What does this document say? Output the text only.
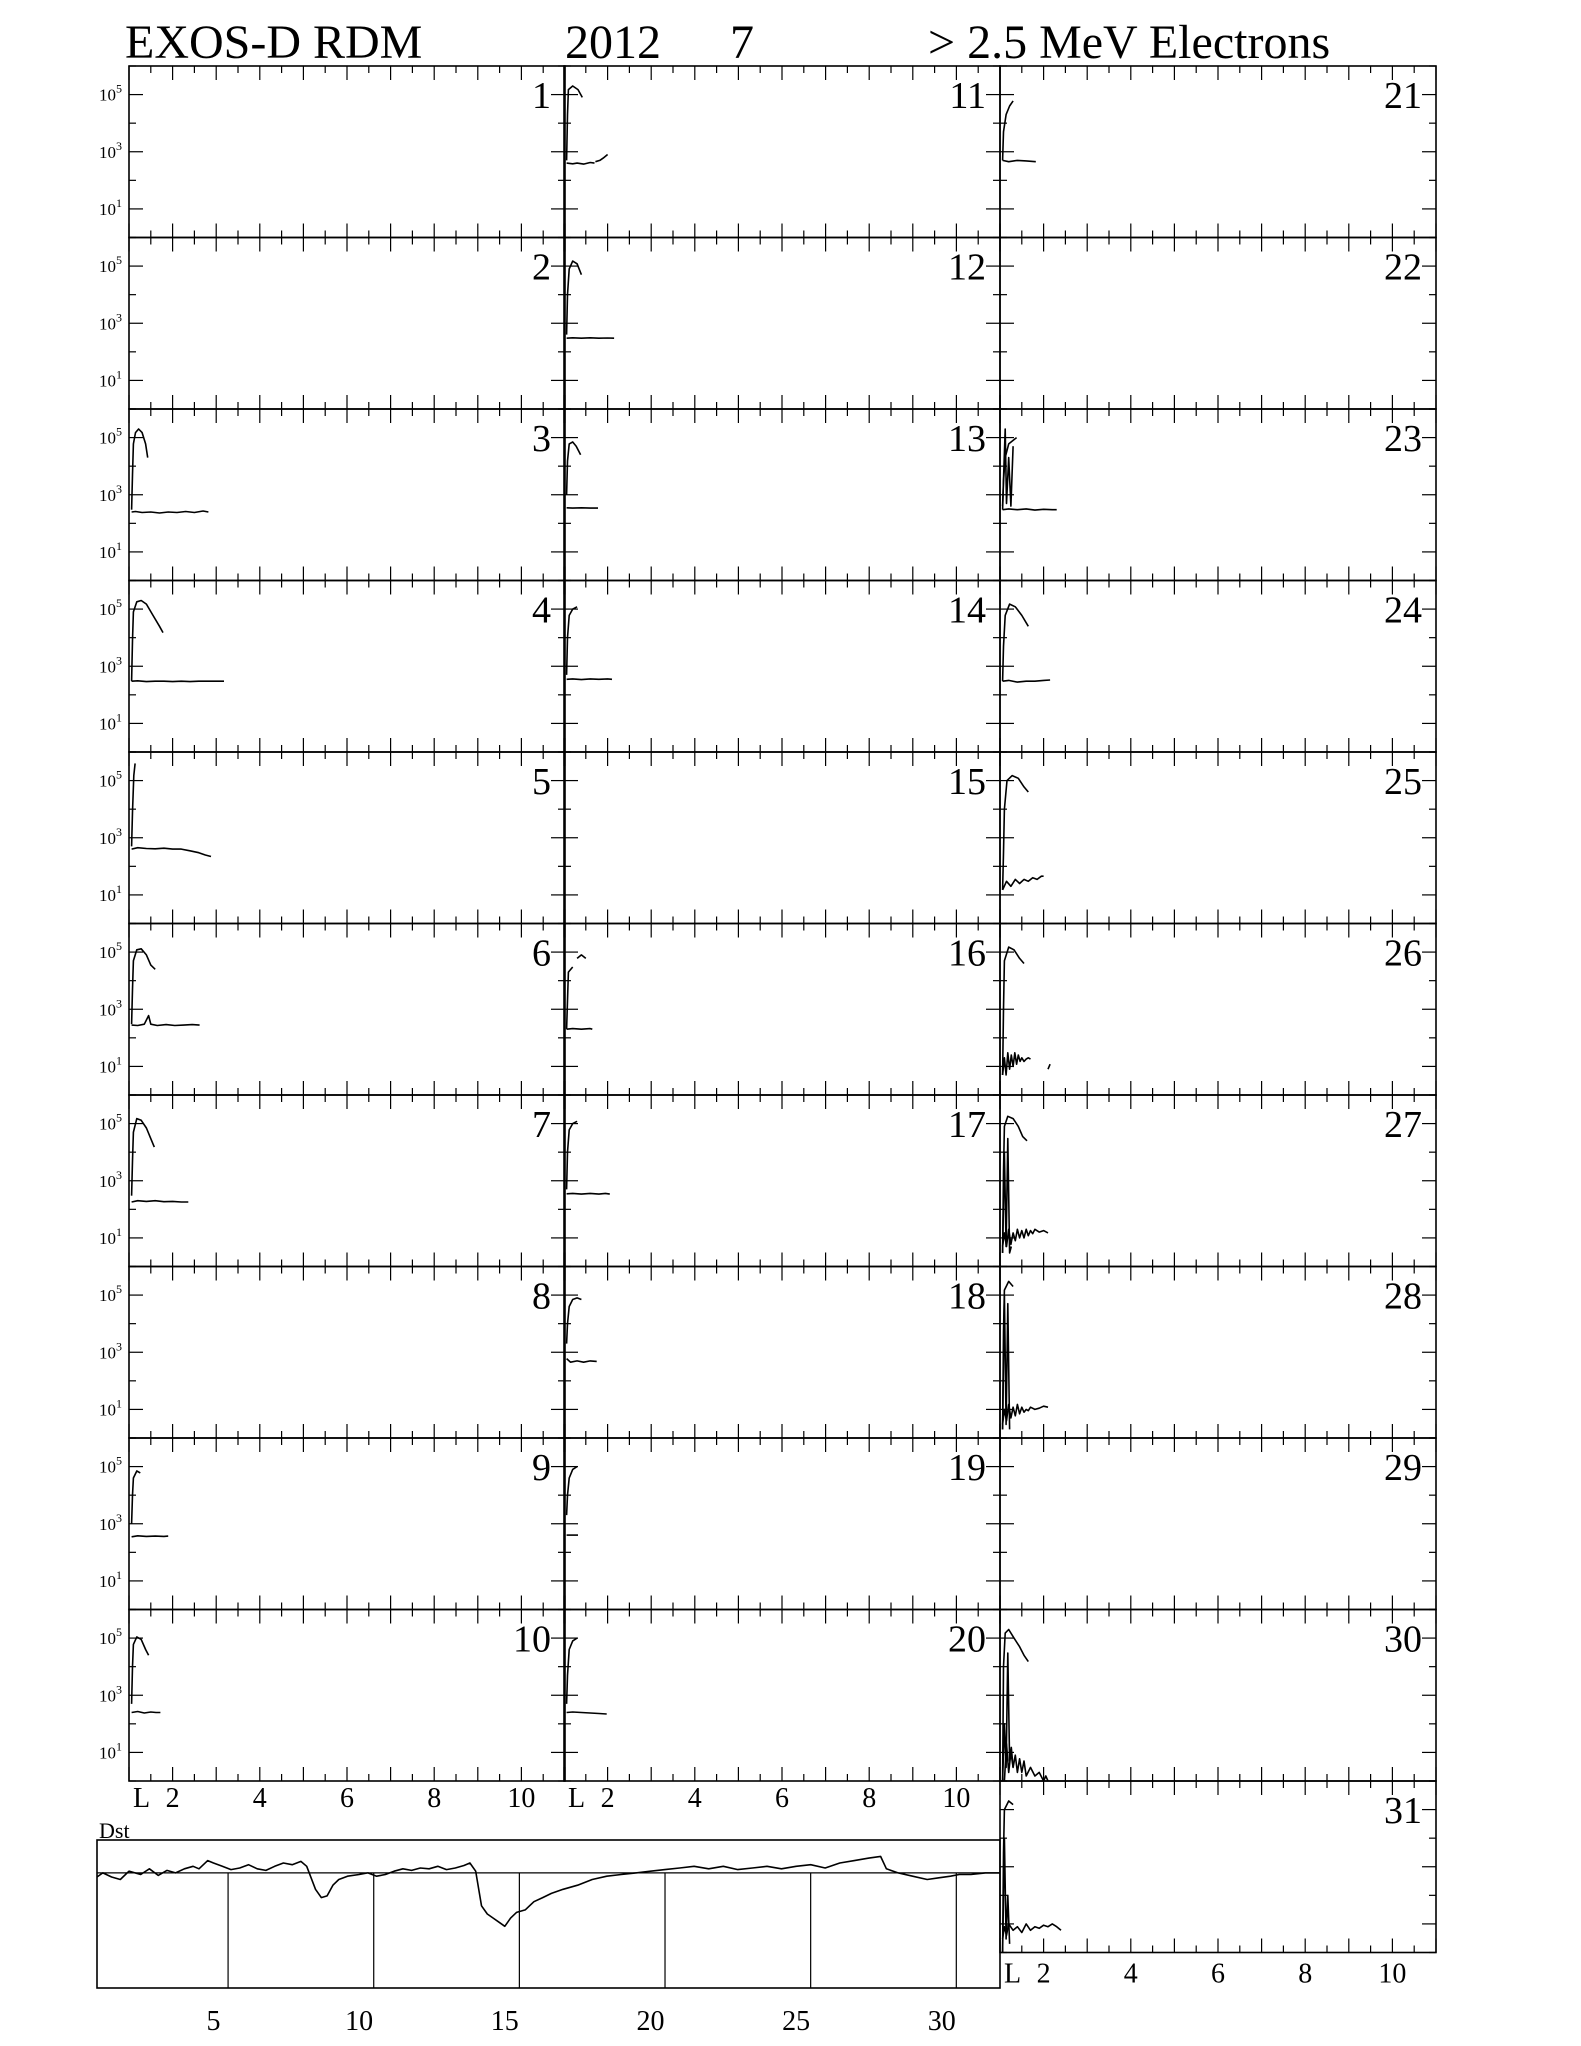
EXOS-D RDM	2012 7	> 2.5 MeV Electrons
1
2
3
4
5
6
7
8
9
10
11
12
13
14
15
16
17
18
19
20
21
22
23
24
25
26
27
28
29
30
31
$10^5$
$10^3$
$10^1$
$10^5$
$10^3$
$10^1$
$10^5$
$10^3$
$10^1$
$10^5$
$10^3$
$10^1$
$10^5$
$10^3$
$10^1$
$10^5$
$10^3$
$10^1$
$10^5$
$10^3$
$10^1$
$10^5$
$10^3$
$10^1$
$10^5$
$10^3$
$10^1$
$10^5$
$10^3$
$10^1$
L 2	4	6	8 10 L 2	4	6	8 10
L 2	4	6	8 10
Dst
5	10	15	20	25	30
